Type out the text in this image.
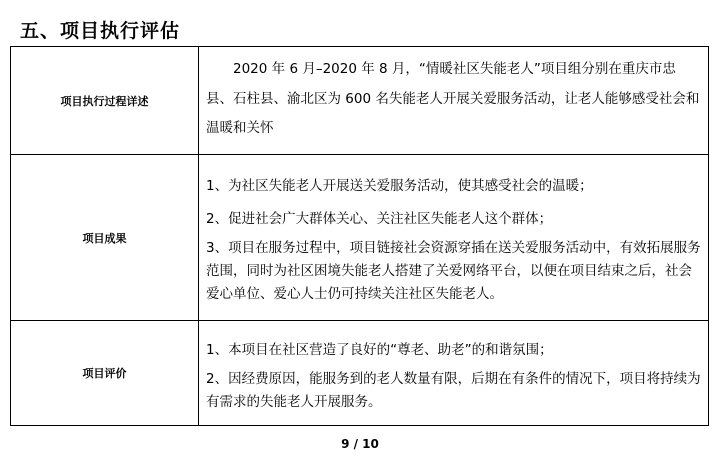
五、项目执行评估
项目执行过程详述	2020 年 6 月–2020 年 8 月，“情暖社区失能老人”项目组分别在重庆市忠县、石柱县、渝北区为 600 名失能老人开展关爱服务活动，让老人能够感受社会和温暖和关怀

项目成果	1、为社区失能老人开展送关爱服务活动，使其感受社会的温暖；

2、促进社会广大群体关心、关注社区失能老人这个群体；

3、项目在服务过程中，项目链接社会资源穿插在送关爱服务活动中，有效拓展服务范围，同时为社区困境失能老人搭建了关爱网络平台，以便在项目结束之后，社会爱心单位、爱心人士仍可持续关注社区失能老人。

项目评价	1、本项目在社区营造了良好的“尊老、助老”的和谐氛围；

2、因经费原因，能服务到的老人数量有限，后期在有条件的情况下，项目将持续为有需求的失能老人开展服务。

9 / 10
